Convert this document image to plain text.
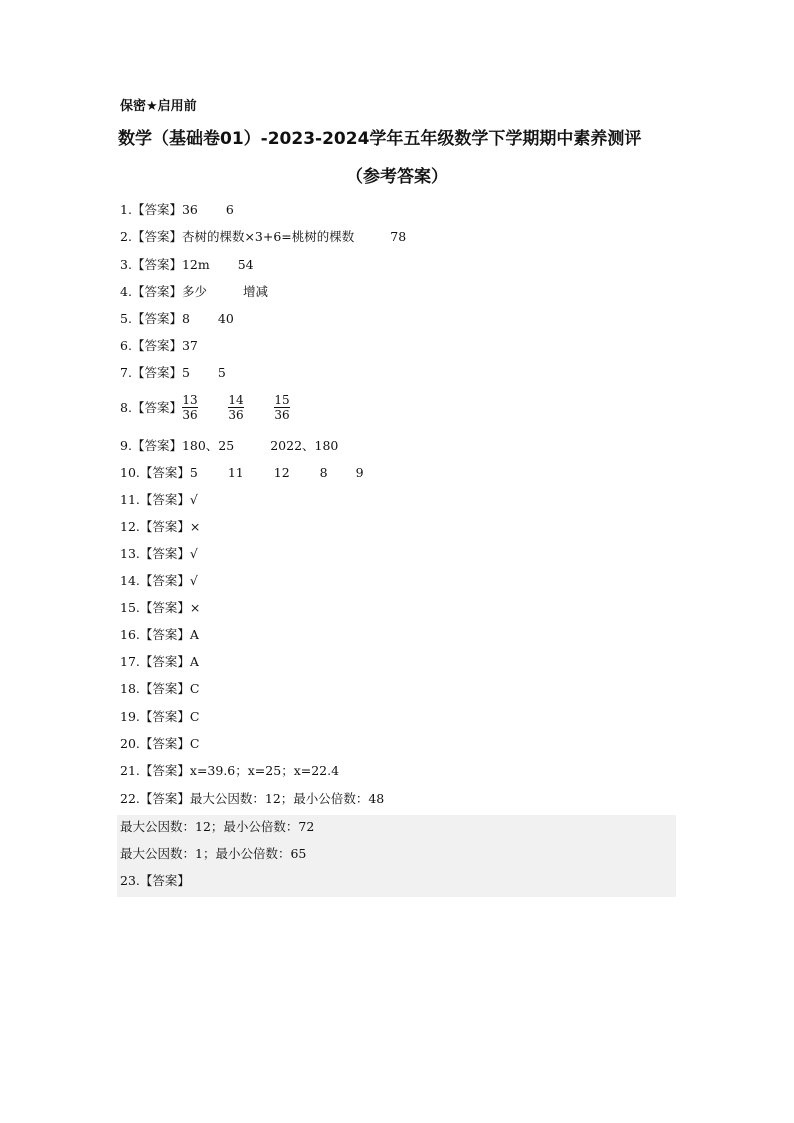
保密★启用前
数学（基础卷01）-2023-2024学年五年级数学下学期期中素养测评
（参考答案）
1. 【答案】 36 6
2. 【答案】 杏树的棵数×3+6=桃树的棵数	78
3. 【答案】 12m 54
4. 【答案】 多少	增减
5. 【答案】 8 40
6. 【答案】 37
7. 【答案】 5 5
8. 【答案】 $\frac{13}{36}$	$\frac{14}{36}$	$\frac{15}{36}$
9. 【答案】 180、25	2022、180
10. 【答案】 5 11 12 8 9
11. 【答案】 √
12. 【答案】 ×
13. 【答案】 √
14. 【答案】 √
15. 【答案】 ×
16. 【答案】 A
17. 【答案】 A
18. 【答案】 C
19. 【答案】 C
20. 【答案】 C
21. 【答案】 x=39.6；x=25；x=22.4
22. 【答案】 最大公因数：12；最小公倍数：48
最大公因数：12；最小公倍数：72
最大公因数：1；最小公倍数：65
23. 【答案】
